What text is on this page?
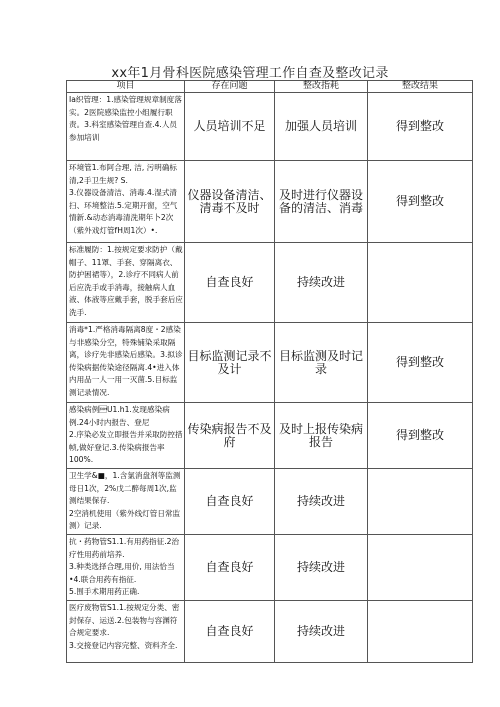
xx年1月骨科医院感染管理工作自查及整改记录
项目	存在问题	整改指耗	整改结果

Ia织管理：1.感染管理规章制度落实。2医院感染监控小组履行职责。3.科室感染管理自查.4.人员参加培训	人员培训不足	加强人员培训	得到整改

环境管1.布阿合理, 洁, 污明确标清,2手卫生规? S.
3.仪器设备清洁、消毒.4.湿式清扫、环境整洁.5.定期开窗，空气情新.&动态消毒清洗期年卜2次（紫外戏灯管fH周1次）•.	仪器设备清洁、清毒不及时	及时进行仪器设备的清洁、消毒	得到整改

标准履防：1.按规定要求防护（戴帽子、11罩、手套、穿隔离衣、防护困裙等），2.诊疗不同病人前后应洗手或手消毒，接触病人血液、体液等应戴手套，脱手套后应洗手.	自查良好	持续改进	

消毒*1.严格消毒隔离8度・2感染与非感染分空，特殊铺染采取隔离，诊疗先非感染后感染。3.拟诊传染病据传染途径隔离.4•进入体内用品一人一用一灭菌.5.目标监测记录情况.	目标监测记录不及计	目标监测及时记录	得到整改

感染病例U1.h1.发现感染病例.24小时内报告、登尼
2.序染必发立即报告并采取防控措帧,做好登记.3.传染病报告率100%.	传染病报告不及府	及时上报传染病报告	得到整改

卫生学&■，1.含氯消盘剂等监测母日1次，2%戊二醉每周1次,监测结果保存.
2空消机使用（紫外线灯管日常监测）记录.	自查良好	持续改进	

抗・药物管S1.1.有用药指征.2治疗性用药前培养.
3.种类选择合理,用价, 用法恰当•4.联合用药有指征.
5.围手术期用药正确.	自查良好	持续改进	

医疗废物管S1.1.按规定分类、密封保存、运送.2.包装物与容渊符合规定要求.
3.交接登记内容完整、资料齐全.	自查良好	持续改进	
